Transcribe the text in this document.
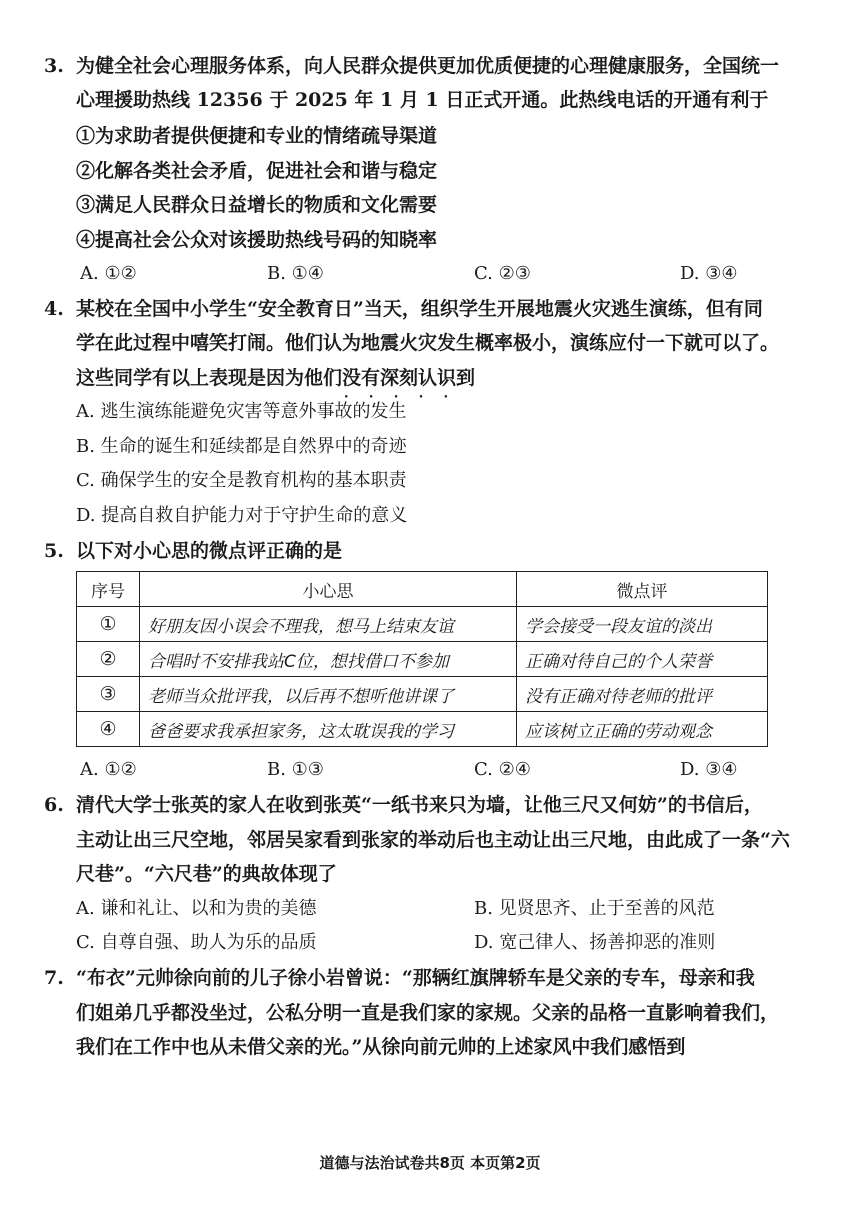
3. 为健全社会心理服务体系，向人民群众提供更加优质便捷的心理健康服务，全国统一
心理援助热线 12356 于 2025 年 1 月 1 日正式开通。此热线电话的开通有利于
①为求助者提供便捷和专业的情绪疏导渠道
②化解各类社会矛盾，促进社会和谐与稳定
③满足人民群众日益增长的物质和文化需要
④提高社会公众对该援助热线号码的知晓率
A. ①②	B. ①④	C. ②③	D. ③④
4. 某校在全国中小学生“安全教育日”当天，组织学生开展地震火灾逃生演练，但有同
学在此过程中嘻笑打闹。他们认为地震火灾发生概率极小，演练应付一下就可以了。
这些同学有以上表现是因为他们没有深刻 • • •认识到
A. 逃生演练能避免灾害等意外事故的发生
B. 生命的诞生和延续都是自然界中的奇迹
C. 确保学生的安全是教育机构的基本职责
D. 提高自救自护能力对于守护生命的意义
5. 以下对小心思的微点评正确的是
序号	小心思	微点评
①	好朋友因小误会不理我，想马上结束友谊	学会接受一段友谊的淡出
②	合唱时不安排我站C位，想找借口不参加	正确对待自己的个人荣誉
③	老师当众批评我，以后再不想听他讲课了	没有正确对待老师的批评
④	爸爸要求我承担家务，这太耽误我的学习	应该树立正确的劳动观念
A. ①②	B. ①③	C. ②④	D. ③④
6. 清代大学士张英的家人在收到张英“一纸书来只为墙，让他三尺又何妨”的书信后，
主动让出三尺空地，邻居吴家看到张家的举动后也主动让出三尺地，由此成了一条“六
尺巷”。“六尺巷”的典故体现了
A. 谦和礼让、以和为贵的美德	B. 见贤思齐、止于至善的风范
C. 自尊自强、助人为乐的品质	D. 宽己律人、扬善抑恶的准则
7. “布衣”元帅徐向前的儿子徐小岩曾说：“那辆红旗牌轿车是父亲的专车，母亲和我
们姐弟几乎都没坐过，公私分明一直是我们家的家规。父亲的品格一直影响着我们，
我们在工作中也从未借父亲的光。”从徐向前元帅的上述家风中我们感悟到
道德与法治试卷共8页 本页第2页
